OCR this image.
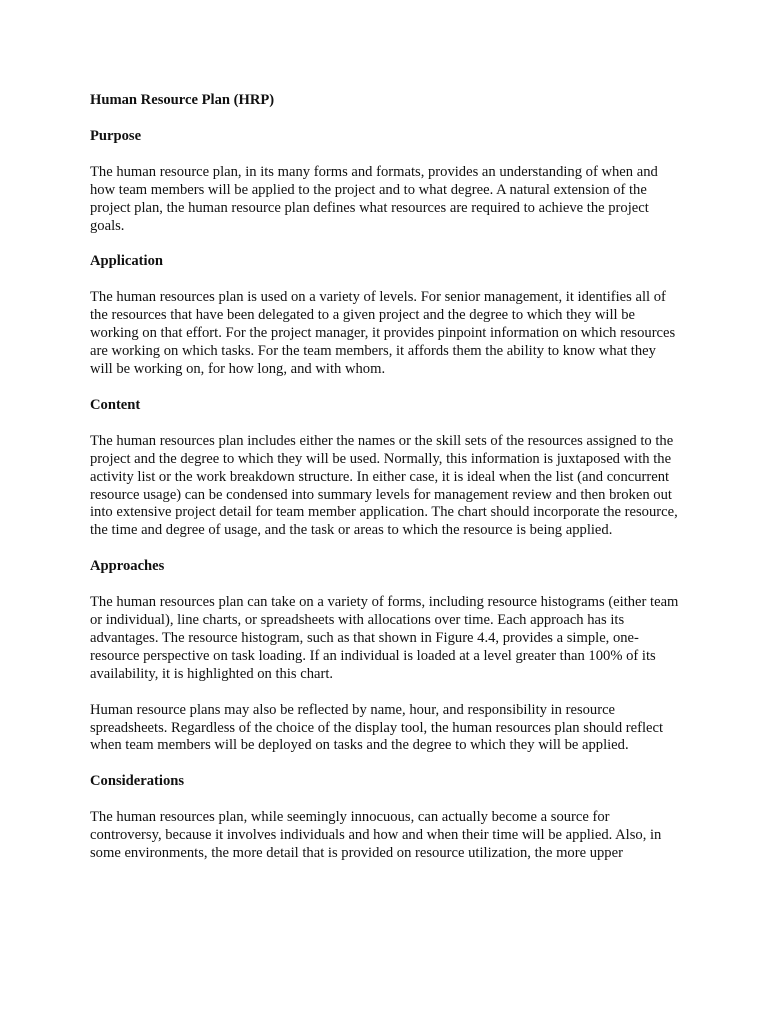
Human Resource Plan (HRP)

Purpose

The human resource plan, in its many forms and formats, provides an understanding of when and how team members will be applied to the project and to what degree. A natural extension of the project plan, the human resource plan defines what resources are required to achieve the project goals.

Application

The human resources plan is used on a variety of levels. For senior management, it identifies all of the resources that have been delegated to a given project and the degree to which they will be working on that effort. For the project manager, it provides pinpoint information on which resources are working on which tasks. For the team members, it affords them the ability to know what they will be working on, for how long, and with whom.

Content

The human resources plan includes either the names or the skill sets of the resources assigned to the project and the degree to which they will be used. Normally, this information is juxtaposed with the activity list or the work breakdown structure. In either case, it is ideal when the list (and concurrent resource usage) can be condensed into summary levels for management review and then broken out into extensive project detail for team member application. The chart should incorporate the resource, the time and degree of usage, and the task or areas to which the resource is being applied.

Approaches

The human resources plan can take on a variety of forms, including resource histograms (either team or individual), line charts, or spreadsheets with allocations over time. Each approach has its advantages. The resource histogram, such as that shown in Figure 4.4, provides a simple, one-resource perspective on task loading. If an individual is loaded at a level greater than 100% of its availability, it is highlighted on this chart.

Human resource plans may also be reflected by name, hour, and responsibility in resource spreadsheets. Regardless of the choice of the display tool, the human resources plan should reflect when team members will be deployed on tasks and the degree to which they will be applied.

Considerations

The human resources plan, while seemingly innocuous, can actually become a source for controversy, because it involves individuals and how and when their time will be applied. Also, in some environments, the more detail that is provided on resource utilization, the more upper
